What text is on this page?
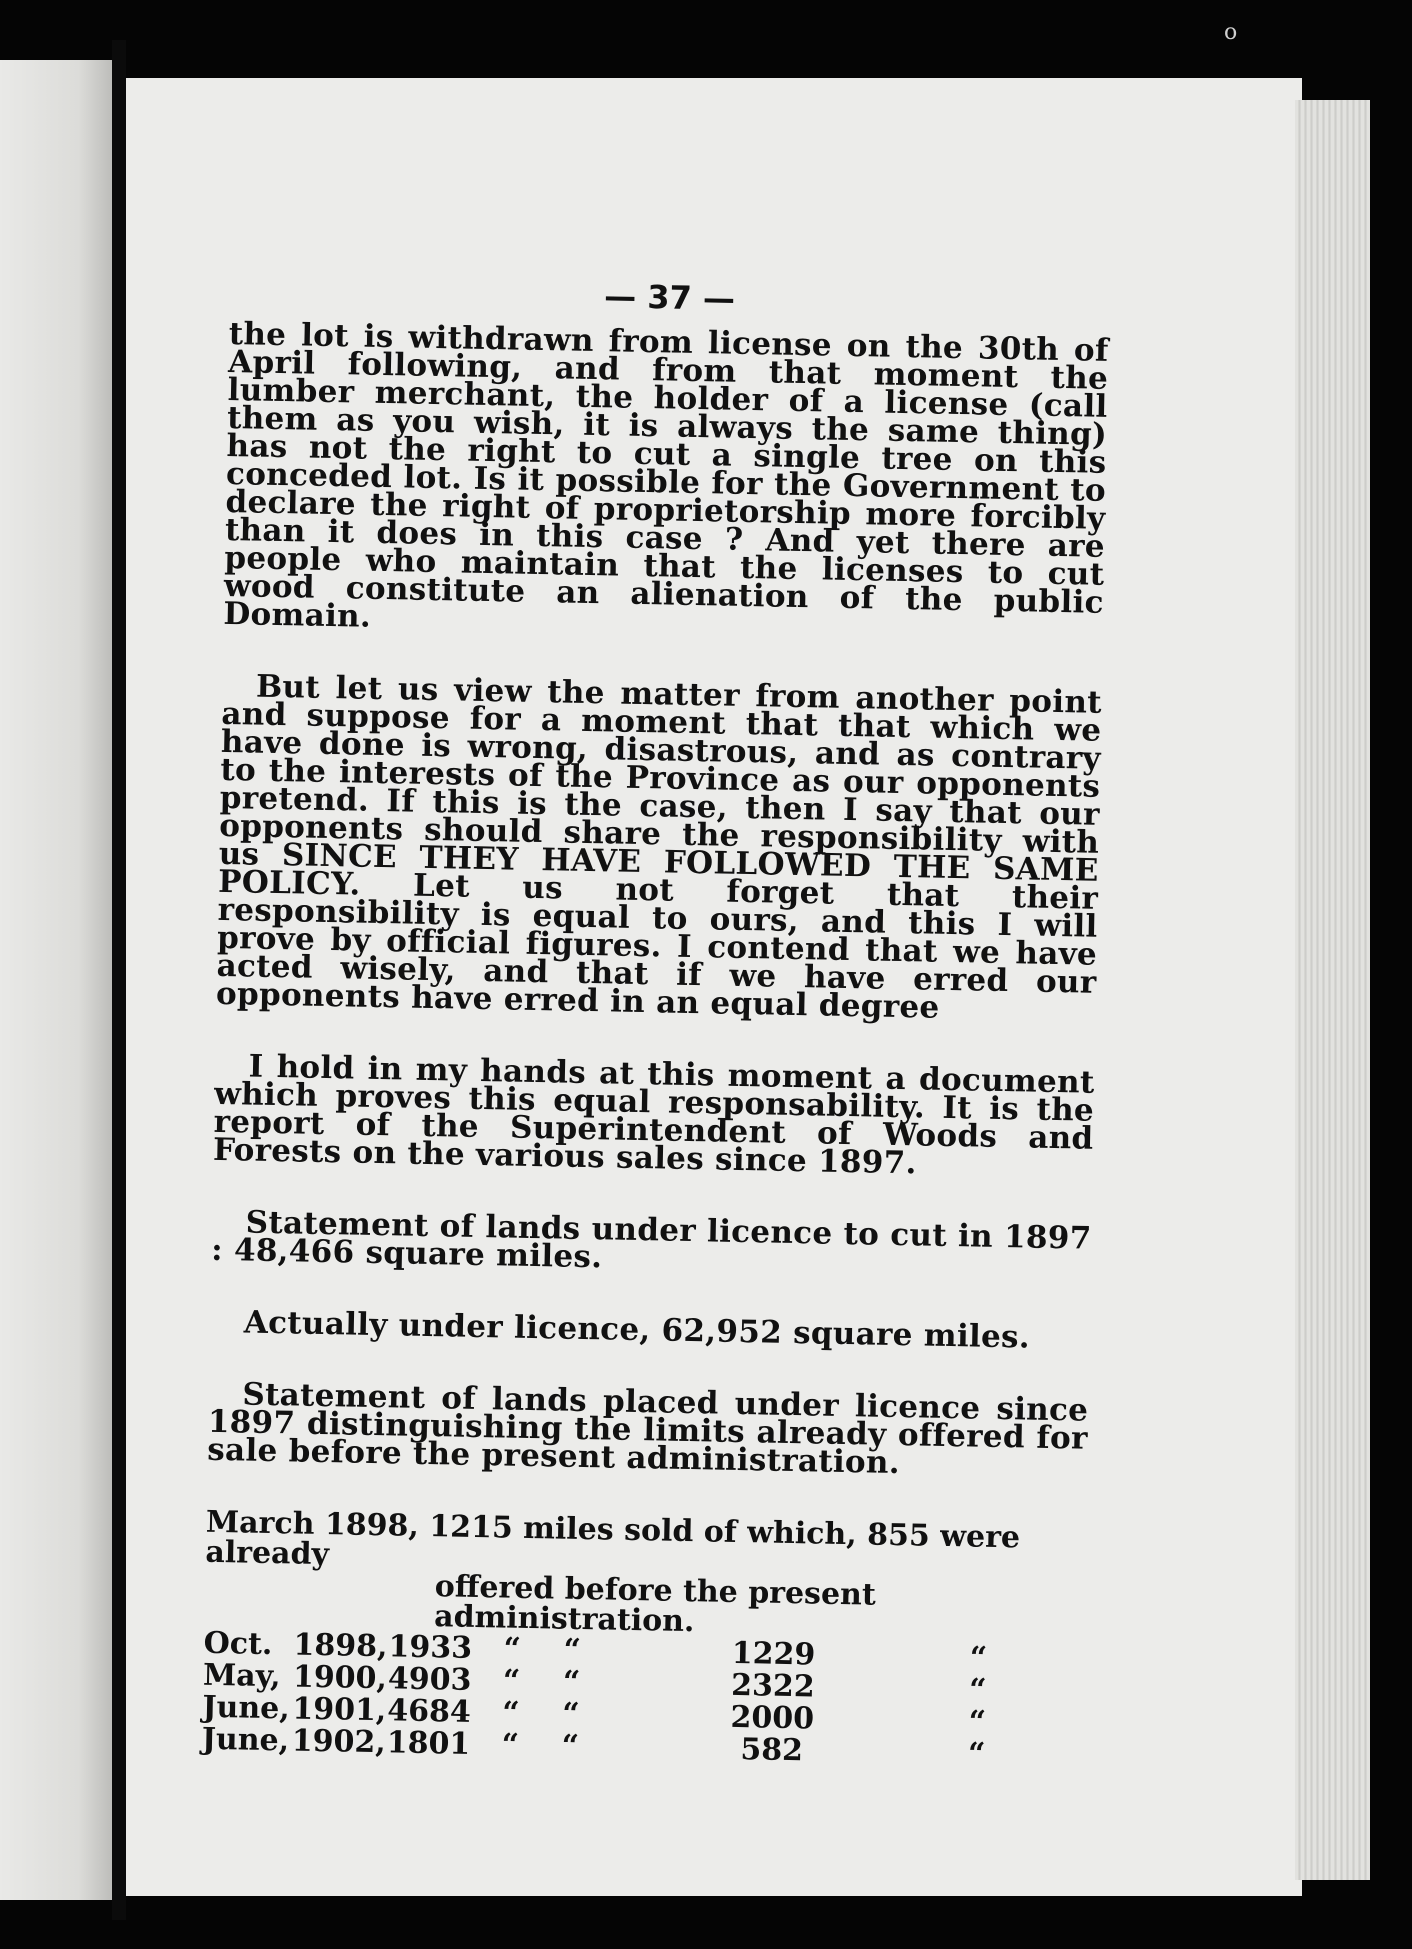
o
— 37 —

the lot is withdrawn from license on the 30th of April following, and from that moment the lumber merchant, the holder of a license (call them as you wish, it is always the same thing) has not the right to cut a single tree on this conceded lot. Is it possible for the Government to declare the right of proprietorship more forcibly than it does in this case ? And yet there are people who maintain that the licenses to cut wood constitute an alienation of the public Domain.

But let us view the matter from another point and suppose for a moment that that which we have done is wrong, disastrous, and as contrary to the interests of the Province as our opponents pretend. If this is the case, then I say that our opponents should share the responsibility with us SINCE THEY HAVE FOLLOWED THE SAME POLICY. Let us not forget that their responsibility is equal to ours, and this I will prove by official figures. I contend that we have acted wisely, and that if we have erred our opponents have erred in an equal degree

I hold in my hands at this moment a document which proves this equal responsability. It is the report of the Superintendent of Woods and Forests on the various sales since 1897.

Statement of lands under licence to cut in 1897 : 48,466 square miles.

Actually under licence, 62,952 square miles.

Statement of lands placed under licence since 1897 distinguishing the limits already offered for sale before the present administration.

March 1898, 1215 miles sold of which, 855 were already
offered before the present administration.
Oct.	1898,	1933	“	“	1229	“
May,	1900,	4903	“	“	2322	“
June,	1901,	4684	“	“	2000	“
June,	1902,	1801	“	“	582	“
